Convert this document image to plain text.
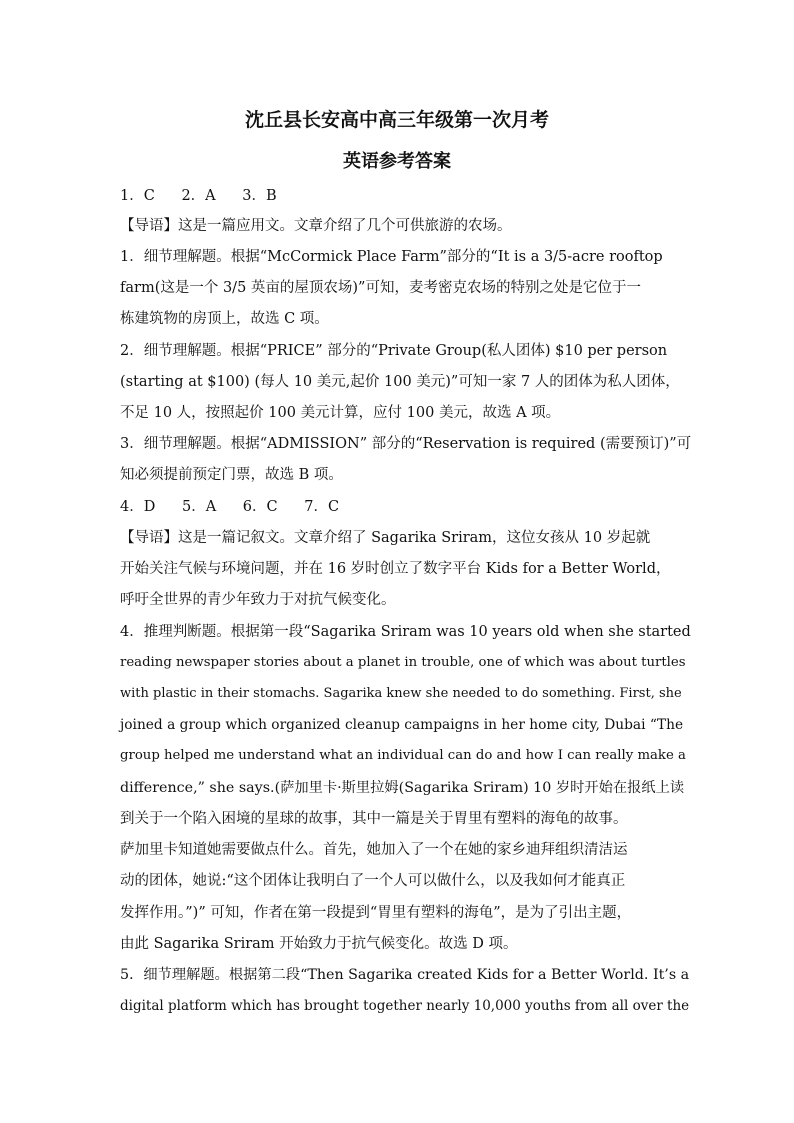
沈丘县长安高中高三年级第一次月考
英语参考答案
1．C 2．A 3．B
【导语】这是一篇应用文。文章介绍了几个可供旅游的农场。
1．细节理解题。根据“McCormick Place Farm”部分的“It is a 3/5-acre rooftop
farm(这是一个 3/5 英亩的屋顶农场)”可知，麦考密克农场的特别之处是它位于一
栋建筑物的房顶上，故选 C 项。
2．细节理解题。根据“PRICE” 部分的“Private Group(私人团体) $10 per person
(starting at $100) (每人 10 美元,起价 100 美元)”可知一家 7 人的团体为私人团体，
不足 10 人，按照起价 100 美元计算，应付 100 美元，故选 A 项。
3．细节理解题。根据“ADMISSION” 部分的“Reservation is required (需要预订)”可
知必须提前预定门票，故选 B 项。
4．D 5．A 6．C 7．C
【导语】这是一篇记叙文。文章介绍了 Sagarika Sriram，这位女孩从 10 岁起就
开始关注气候与环境问题，并在 16 岁时创立了数字平台 Kids for a Better World，
呼吁全世界的青少年致力于对抗气候变化。
4．推理判断题。根据第一段“Sagarika Sriram was 10 years old when she started
reading newspaper stories about a planet in trouble, one of which was about turtles
with plastic in their stomachs. Sagarika knew she needed to do something. First, she
joined a group which organized cleanup campaigns in her home city, Dubai “The
group helped me understand what an individual can do and how I can really make a
difference,” she says.(萨加里卡·斯里拉姆(Sagarika Sriram) 10 岁时开始在报纸上读
到关于一个陷入困境的星球的故事，其中一篇是关于胃里有塑料的海龟的故事。
萨加里卡知道她需要做点什么。首先，她加入了一个在她的家乡迪拜组织清洁运
动的团体，她说:“这个团体让我明白了一个人可以做什么，以及我如何才能真正
发挥作用。”)” 可知，作者在第一段提到“胃里有塑料的海龟”，是为了引出主题，
由此 Sagarika Sriram 开始致力于抗气候变化。故选 D 项。
5．细节理解题。根据第二段“Then Sagarika created Kids for a Better World. It’s a
digital platform which has brought together nearly 10,000 youths from all over the
